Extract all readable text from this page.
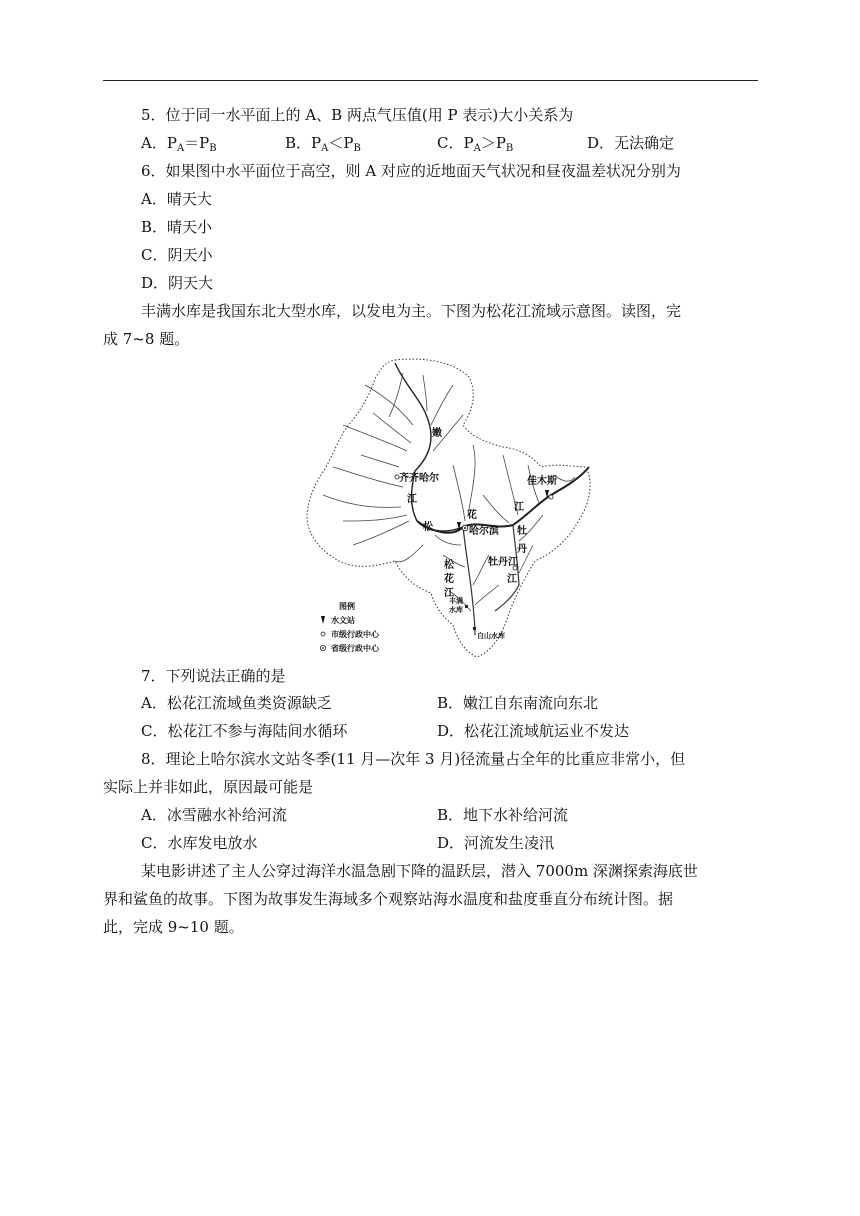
5．位于同一水平面上的 A、B 两点气压值(用 P 表示)大小关系为
A．$P_A=P_B$	B．$P_A<P_B$	C．$P_A>P_B$	D．无法确定
6．如果图中水平面位于高空，则 A 对应的近地面天气状况和昼夜温差状况分别为
A．晴天大
B．晴天小
C．阴天小
D．阴天大
丰满水库是我国东北大型水库，以发电为主。下图为松花江流域示意图。读图，完
成 7~8 题。
嫩
齐齐哈尔
江
松
花
江
哈尔滨
佳木斯
牡
丹
牡丹江
江
松
花
江
丰满
水库
白山水库
图例
水文站
市级行政中心
省级行政中心
7．下列说法正确的是
A．松花江流域鱼类资源缺乏	B．嫩江自东南流向东北
C．松花江不参与海陆间水循环	D．松花江流域航运业不发达
8．理论上哈尔滨水文站冬季(11 月—次年 3 月)径流量占全年的比重应非常小，但
实际上并非如此，原因最可能是
A．冰雪融水补给河流	B．地下水补给河流
C．水库发电放水	D．河流发生凌汛
某电影讲述了主人公穿过海洋水温急剧下降的温跃层，潜入 7000m 深渊探索海底世
界和鲨鱼的故事。下图为故事发生海域多个观察站海水温度和盐度垂直分布统计图。据
此，完成 9~10 题。
